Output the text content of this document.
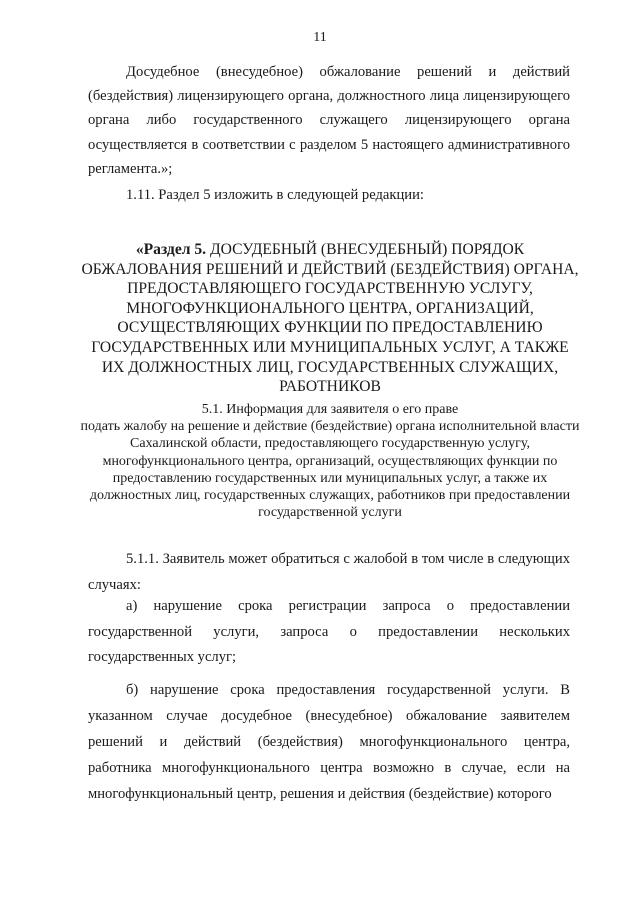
11

Досудебное (внесудебное) обжалование решений и действий (бездействия) лицензирующего органа, должностного лица лицензирующего органа либо государственного служащего лицензирующего органа осуществляется в соответствии с разделом 5 настоящего административного регламента.»;

1.11. Раздел 5 изложить в следующей редакции:

«Раздел 5. ДОСУДЕБНЫЙ (ВНЕСУДЕБНЫЙ) ПОРЯДОК ОБЖАЛОВАНИЯ РЕШЕНИЙ И ДЕЙСТВИЙ (БЕЗДЕЙСТВИЯ) ОРГАНА, ПРЕДОСТАВЛЯЮЩЕГО ГОСУДАРСТВЕННУЮ УСЛУГУ, МНОГОФУНКЦИОНАЛЬНОГО ЦЕНТРА, ОРГАНИЗАЦИЙ, ОСУЩЕСТВЛЯЮЩИХ ФУНКЦИИ ПО ПРЕДОСТАВЛЕНИЮ ГОСУДАРСТВЕННЫХ ИЛИ МУНИЦИПАЛЬНЫХ УСЛУГ, А ТАКЖЕ ИХ ДОЛЖНОСТНЫХ ЛИЦ, ГОСУДАРСТВЕННЫХ СЛУЖАЩИХ, РАБОТНИКОВ
5.1. Информация для заявителя о его праве
подать жалобу на решение и действие (бездействие) органа исполнительной власти Сахалинской области, предоставляющего государственную услугу, многофункционального центра, организаций, осуществляющих функции по предоставлению государственных или муниципальных услуг, а также их должностных лиц, государственных служащих, работников при предоставлении государственной услуги

5.1.1. Заявитель может обратиться с жалобой в том числе в следующих случаях:

а) нарушение срока регистрации запроса о предоставлении государственной услуги, запроса о предоставлении нескольких государственных услуг;

б) нарушение срока предоставления государственной услуги. В указанном случае досудебное (внесудебное) обжалование заявителем решений и действий (бездействия) многофункционального центра, работника многофункционального центра возможно в случае, если на многофункциональный центр, решения и действия (бездействие) которого
